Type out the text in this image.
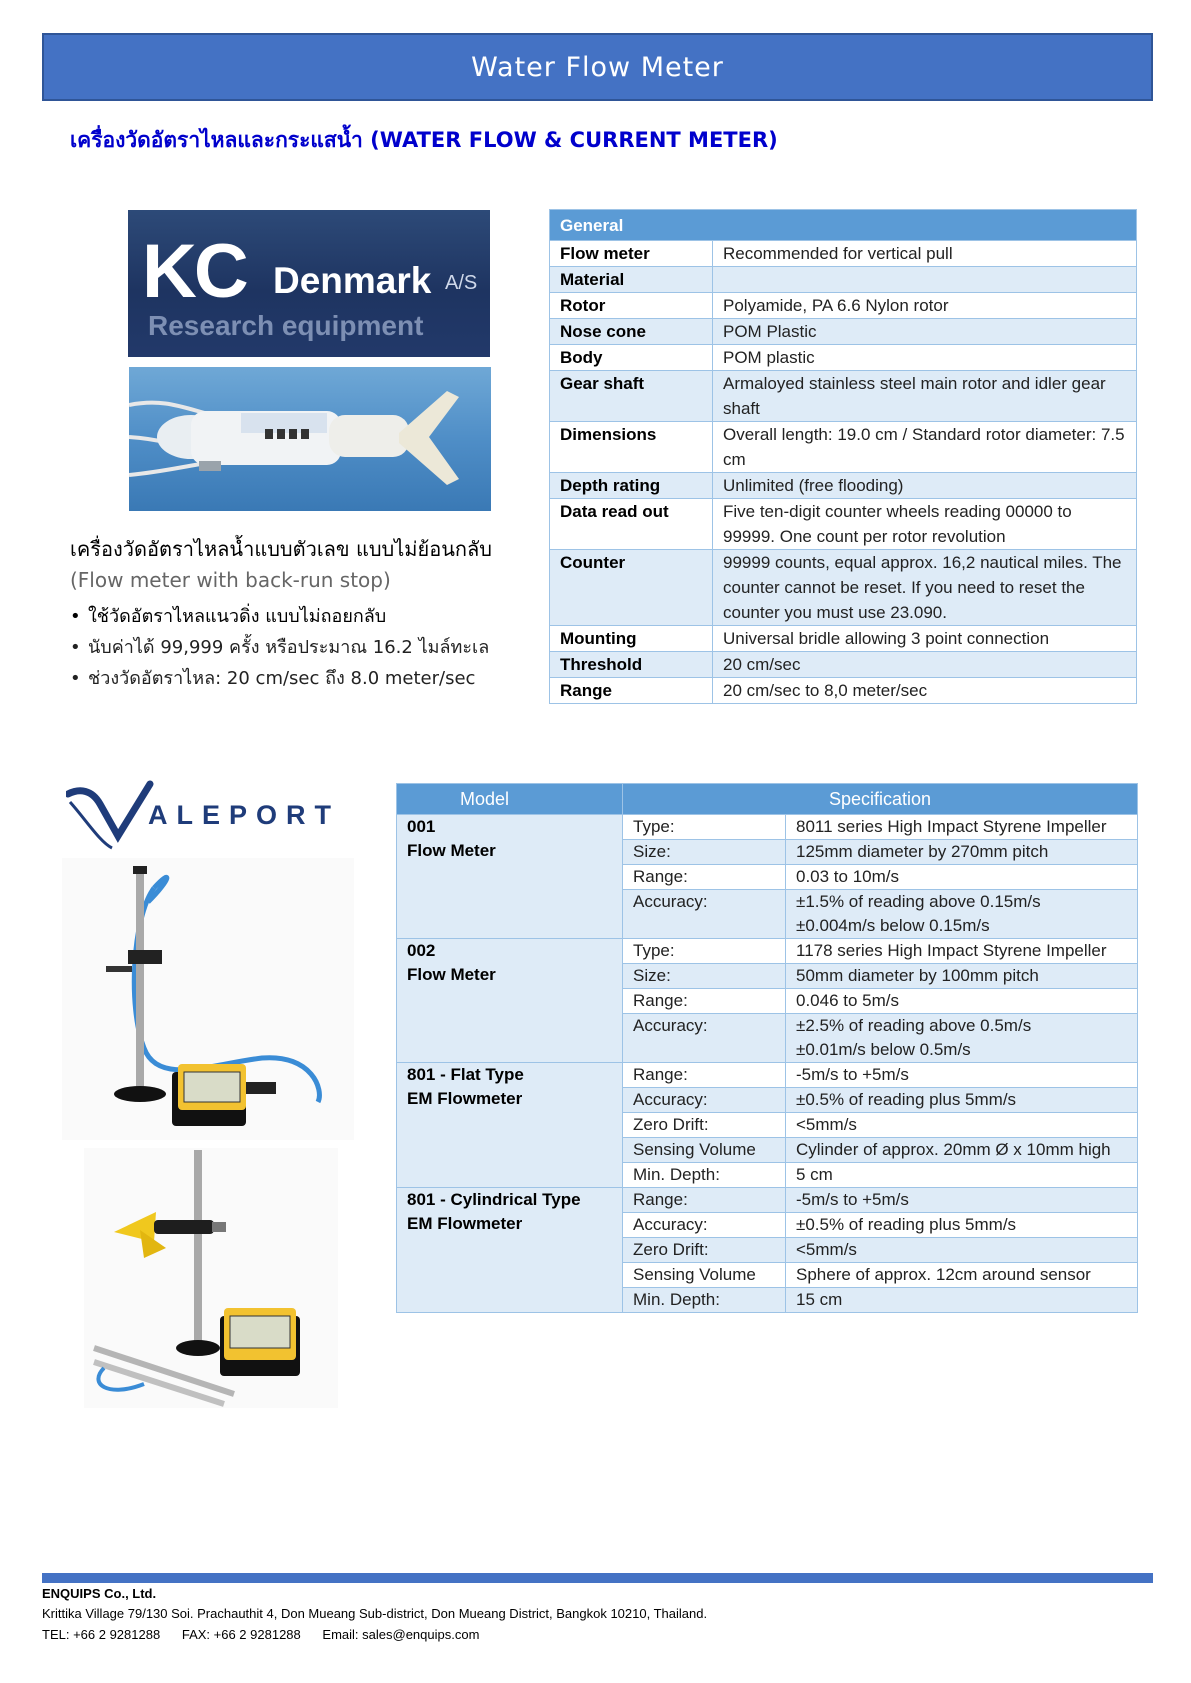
Water Flow Meter
เครื่องวัดอัตราไหลและกระแสน้ำ (WATER FLOW & CURRENT METER)
KC Denmark A/S
Research equipment
เครื่องวัดอัตราไหลน้ำแบบตัวเลข แบบไม่ย้อนกลับ
(Flow meter with back-run stop)
• ใช้วัดอัตราไหลแนวดิ่ง แบบไม่ถอยกลับ
• นับค่าได้ 99,999 ครั้ง หรือประมาณ 16.2 ไมล์ทะเล
• ช่วงวัดอัตราไหล: 20 cm/sec ถึง 8.0 meter/sec
General	
Flow meter	Recommended for vertical pull
Material	
Rotor	Polyamide, PA 6.6 Nylon rotor
Nose cone	POM Plastic
Body	POM plastic
Gear shaft	Armaloyed stainless steel main rotor and idler gear shaft
Dimensions	Overall length: 19.0 cm / Standard rotor diameter: 7.5 cm
Depth rating	Unlimited (free flooding)
Data read out	Five ten-digit counter wheels reading 00000 to 99999. One count per rotor revolution
Counter	99999 counts, equal approx. 16,2 nautical miles. The counter cannot be reset. If you need to reset the counter you must use 23.090.
Mounting	Universal bridle allowing 3 point connection
Threshold	20 cm/sec
Range	20 cm/sec to 8,0 meter/sec
ALEPORT
Model	Specification	
001
Flow Meter	Type:	8011 series High Impact Styrene Impeller
	Size:	125mm diameter by 270mm pitch
	Range:	0.03 to 10m/s
	Accuracy:	±1.5% of reading above 0.15m/s
±0.004m/s below 0.15m/s
002
Flow Meter	Type:	1178 series High Impact Styrene Impeller
	Size:	50mm diameter by 100mm pitch
	Range:	0.046 to 5m/s
	Accuracy:	±2.5% of reading above 0.5m/s
±0.01m/s below 0.5m/s
801 - Flat Type
EM Flowmeter	Range:	-5m/s to +5m/s
	Accuracy:	±0.5% of reading plus 5mm/s
	Zero Drift:	<5mm/s
	Sensing Volume	Cylinder of approx. 20mm Ø x 10mm high
	Min. Depth:	5 cm
801 - Cylindrical Type
EM Flowmeter	Range:	-5m/s to +5m/s
	Accuracy:	±0.5% of reading plus 5mm/s
	Zero Drift:	<5mm/s
	Sensing Volume	Sphere of approx. 12cm around sensor
	Min. Depth:	15 cm
ENQUIPS Co., Ltd.
Krittika Village 79/130 Soi. Prachauthit 4, Don Mueang Sub-district, Don Mueang District, Bangkok 10210, Thailand.
TEL: +66 2 9281288      FAX: +66 2 9281288      Email: sales@enquips.com
